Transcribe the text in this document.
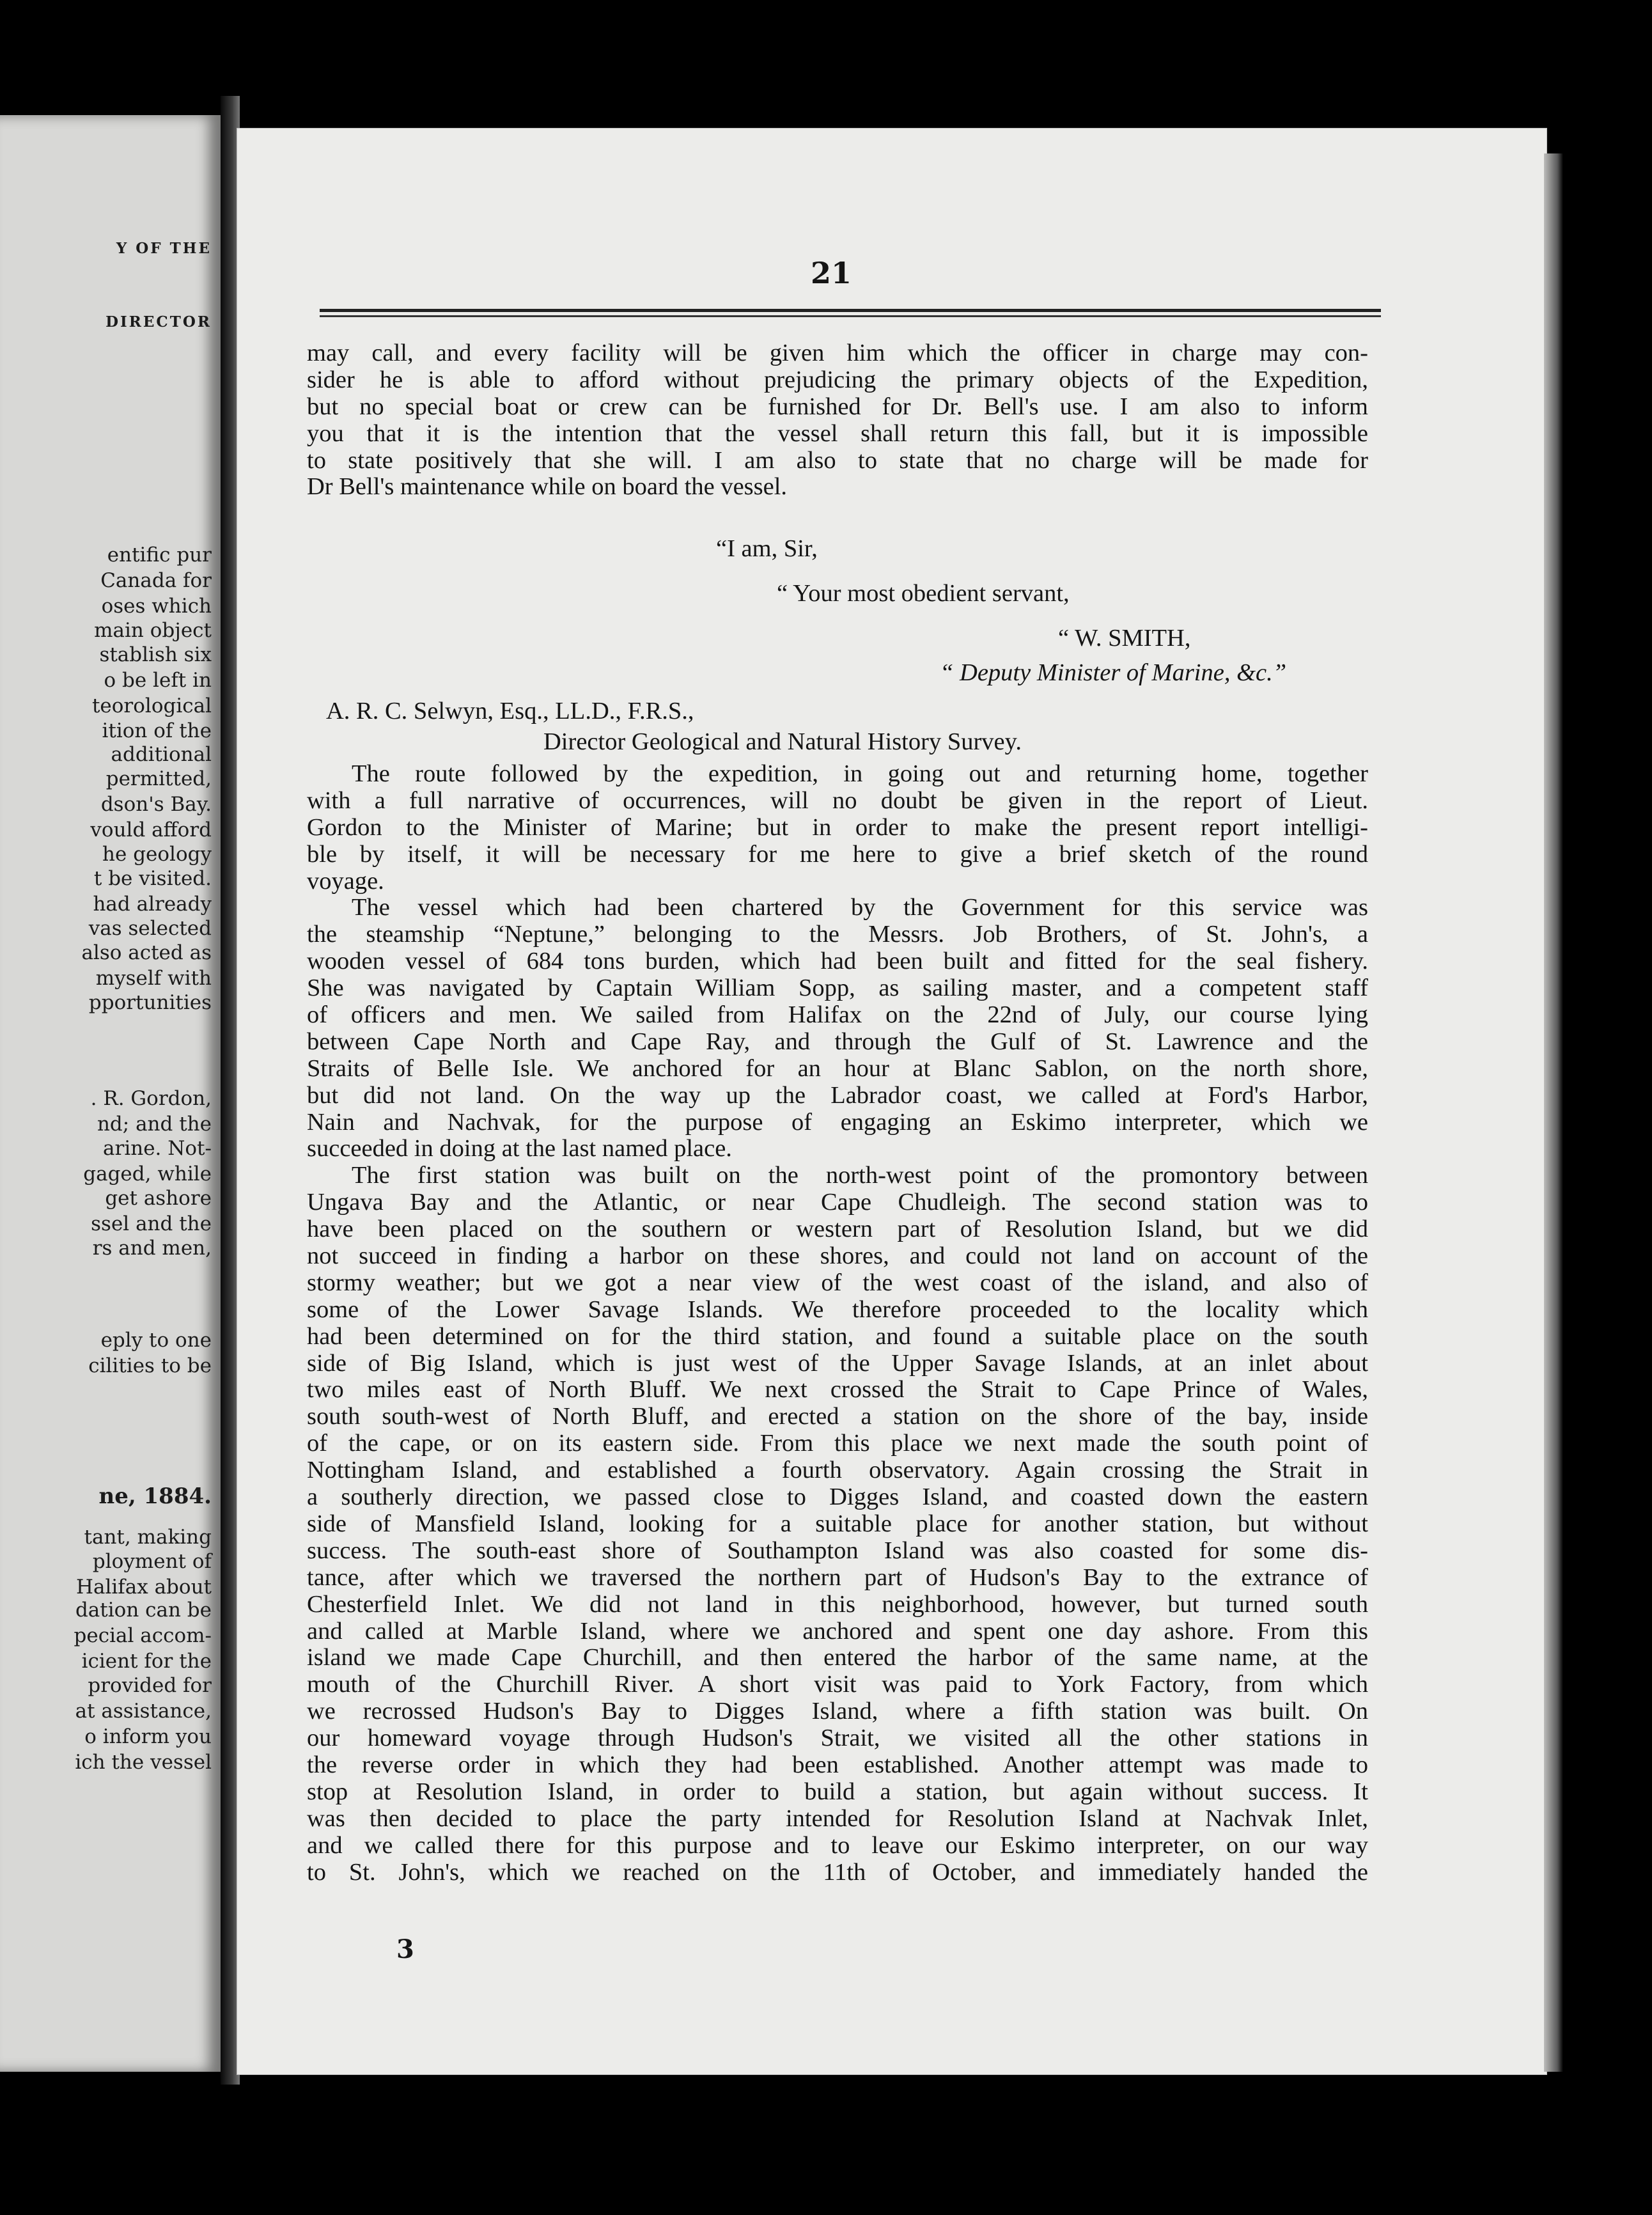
Y OF THE
DIRECTOR
entific pur
Canada for
oses which
main object
stablish six
o be left in
teorological
ition of the
additional
permitted,
dson's Bay.
vould afford
he geology
t be visited.
had already
vas selected
also acted as
myself with
pportunities
. R. Gordon,
nd; and the
arine. Not-
gaged, while
get ashore
ssel and the
rs and men,
eply to one
cilities to be
ne, 1884.
tant, making
ployment of
Halifax about
dation can be
pecial accom-
icient for the
provided for
at assistance,
o inform you
ich the vessel
21
may call, and every facility will be given him which the officer in charge may con-
sider he is able to afford without prejudicing the primary objects of the Expedition,
but no special boat or crew can be furnished for Dr. Bell's use. I am also to inform
you that it is the intention that the vessel shall return this fall, but it is impossible
to state positively that she will. I am also to state that no charge will be made for
Dr Bell's maintenance while on board the vessel.
“I am, Sir,
“ Your most obedient servant,
“ W. SMITH,
“ Deputy Minister of Marine, &c.”
A. R. C. Selwyn, Esq., LL.D., F.R.S.,
Director Geological and Natural History Survey.
The route followed by the expedition, in going out and returning home, together
with a full narrative of occurrences, will no doubt be given in the report of Lieut.
Gordon to the Minister of Marine; but in order to make the present report intelligi-
ble by itself, it will be necessary for me here to give a brief sketch of the round
voyage.
The vessel which had been chartered by the Government for this service was
the steamship “Neptune,” belonging to the Messrs. Job Brothers, of St. John's, a
wooden vessel of 684 tons burden, which had been built and fitted for the seal fishery.
She was navigated by Captain William Sopp, as sailing master, and a competent staff
of officers and men. We sailed from Halifax on the 22nd of July, our course lying
between Cape North and Cape Ray, and through the Gulf of St. Lawrence and the
Straits of Belle Isle. We anchored for an hour at Blanc Sablon, on the north shore,
but did not land. On the way up the Labrador coast, we called at Ford's Harbor,
Nain and Nachvak, for the purpose of engaging an Eskimo interpreter, which we
succeeded in doing at the last named place.
The first station was built on the north-west point of the promontory between
Ungava Bay and the Atlantic, or near Cape Chudleigh. The second station was to
have been placed on the southern or western part of Resolution Island, but we did
not succeed in finding a harbor on these shores, and could not land on account of the
stormy weather; but we got a near view of the west coast of the island, and also of
some of the Lower Savage Islands. We therefore proceeded to the locality which
had been determined on for the third station, and found a suitable place on the south
side of Big Island, which is just west of the Upper Savage Islands, at an inlet about
two miles east of North Bluff. We next crossed the Strait to Cape Prince of Wales,
south south-west of North Bluff, and erected a station on the shore of the bay, inside
of the cape, or on its eastern side. From this place we next made the south point of
Nottingham Island, and established a fourth observatory. Again crossing the Strait in
a southerly direction, we passed close to Digges Island, and coasted down the eastern
side of Mansfield Island, looking for a suitable place for another station, but without
success. The south-east shore of Southampton Island was also coasted for some dis-
tance, after which we traversed the northern part of Hudson's Bay to the extrance of
Chesterfield Inlet. We did not land in this neighborhood, however, but turned south
and called at Marble Island, where we anchored and spent one day ashore. From this
island we made Cape Churchill, and then entered the harbor of the same name, at the
mouth of the Churchill River. A short visit was paid to York Factory, from which
we recrossed Hudson's Bay to Digges Island, where a fifth station was built. On
our homeward voyage through Hudson's Strait, we visited all the other stations in
the reverse order in which they had been established. Another attempt was made to
stop at Resolution Island, in order to build a station, but again without success. It
was then decided to place the party intended for Resolution Island at Nachvak Inlet,
and we called there for this purpose and to leave our Eskimo interpreter, on our way
to St. John's, which we reached on the 11th of October, and immediately handed the
3
